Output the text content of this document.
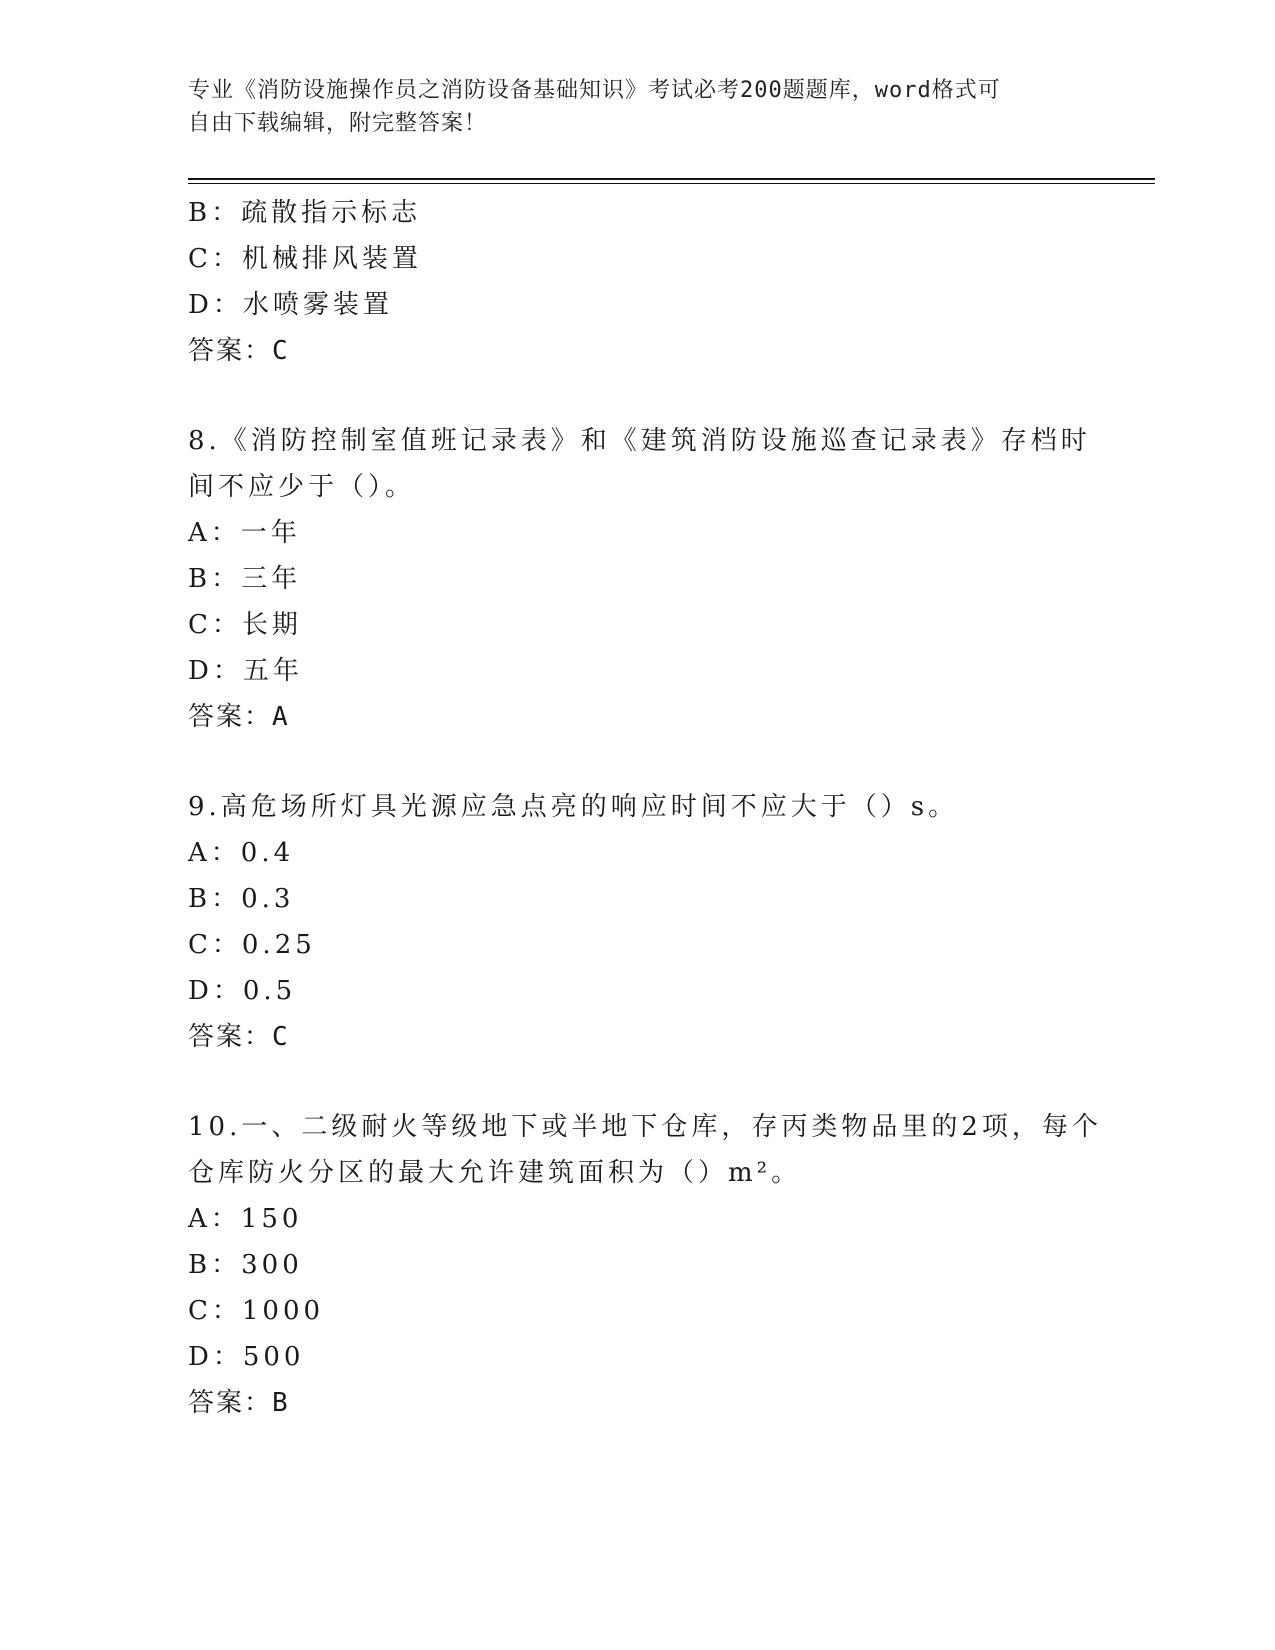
专业《消防设施操作员之消防设备基础知识》考试必考200题题库，word格式可
自由下载编辑，附完整答案！
B：疏散指示标志
C：机械排风装置
D：水喷雾装置
答案：C
8.《消防控制室值班记录表》和《建筑消防设施巡查记录表》存档时
间不应少于（）。
A：一年
B：三年
C：长期
D：五年
答案：A
9.高危场所灯具光源应急点亮的响应时间不应大于（）s。
A：0.4
B：0.3
C：0.25
D：0.5
答案：C
10.一、二级耐火等级地下或半地下仓库，存丙类物品里的2项，每个
仓库防火分区的最大允许建筑面积为（）m²。
A：150
B：300
C：1000
D：500
答案：B
